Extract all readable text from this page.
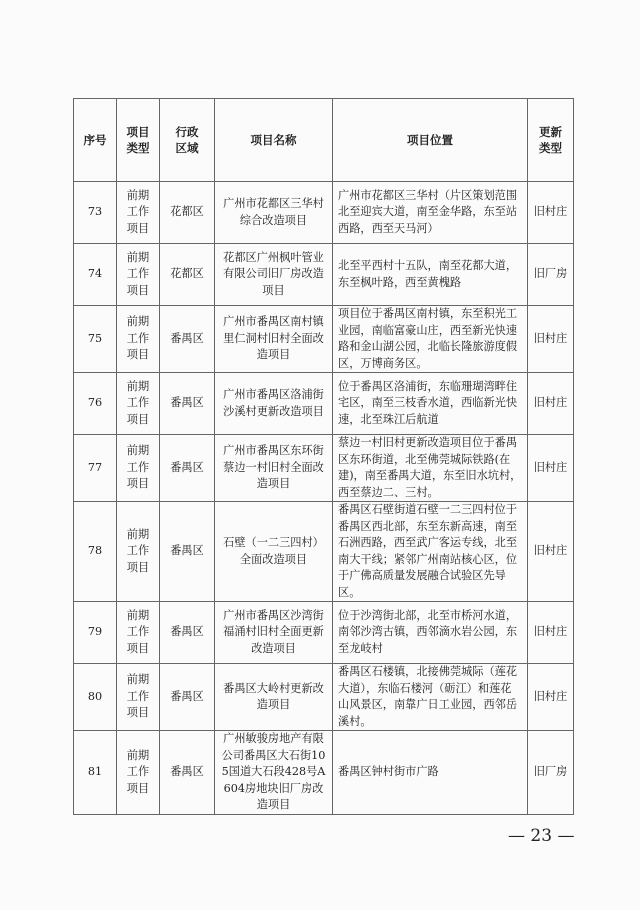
序号	项目类型	行政区域	项目名称	项目位置	更新类型
73	前期工作项目	花都区	广州市花都区三华村综合改造项目	广州市花都区三华村（片区策划范围北至迎宾大道，南至金华路，东至站西路，西至天马河）	旧村庄
74	前期工作项目	花都区	花都区广州枫叶管业有限公司旧厂房改造项目	北至平西村十五队，南至花都大道，东至枫叶路，西至黄槐路	旧厂房
75	前期工作项目	番禺区	广州市番禺区南村镇里仁洞村旧村全面改造项目	项目位于番禺区南村镇，东至积光工业园，南临富豪山庄，西至新光快速路和金山湖公园，北临长隆旅游度假区，万博商务区。	旧村庄
76	前期工作项目	番禺区	广州市番禺区洛浦街沙溪村更新改造项目	位于番禺区洛浦街，东临珊瑚湾畔住宅区，南至三枝香水道，西临新光快速，北至珠江后航道	旧村庄
77	前期工作项目	番禺区	广州市番禺区东环街蔡边一村旧村全面改造项目	蔡边一村旧村更新改造项目位于番禺区东环街道，北至佛莞城际铁路(在建)，南至番禺大道，东至旧水坑村，西至蔡边二、三村。	旧村庄
78	前期工作项目	番禺区	石壁（一二三四村）全面改造项目	番禺区石壁街道石壁一二三四村位于番禺区西北部，东至东新高速，南至石洲西路，西至武广客运专线，北至南大干线；紧邻广州南站核心区，位于广佛高质量发展融合试验区先导区。	旧村庄
79	前期工作项目	番禺区	广州市番禺区沙湾街福涌村旧村全面更新改造项目	位于沙湾街北部，北至市桥河水道，南邻沙湾古镇，西邻滴水岩公园，东至龙岐村	旧村庄
80	前期工作项目	番禺区	番禺区大岭村更新改造项目	番禺区石楼镇，北接佛莞城际（莲花大道），东临石楼河（砺江）和莲花山风景区，南靠广日工业园，西邻岳溪村。	旧村庄
81	前期工作项目	番禺区	广州敏骏房地产有限公司番禺区大石街105国道大石段428号A604房地块旧厂房改造项目	番禺区钟村街市广路	旧厂房
— 23 —
